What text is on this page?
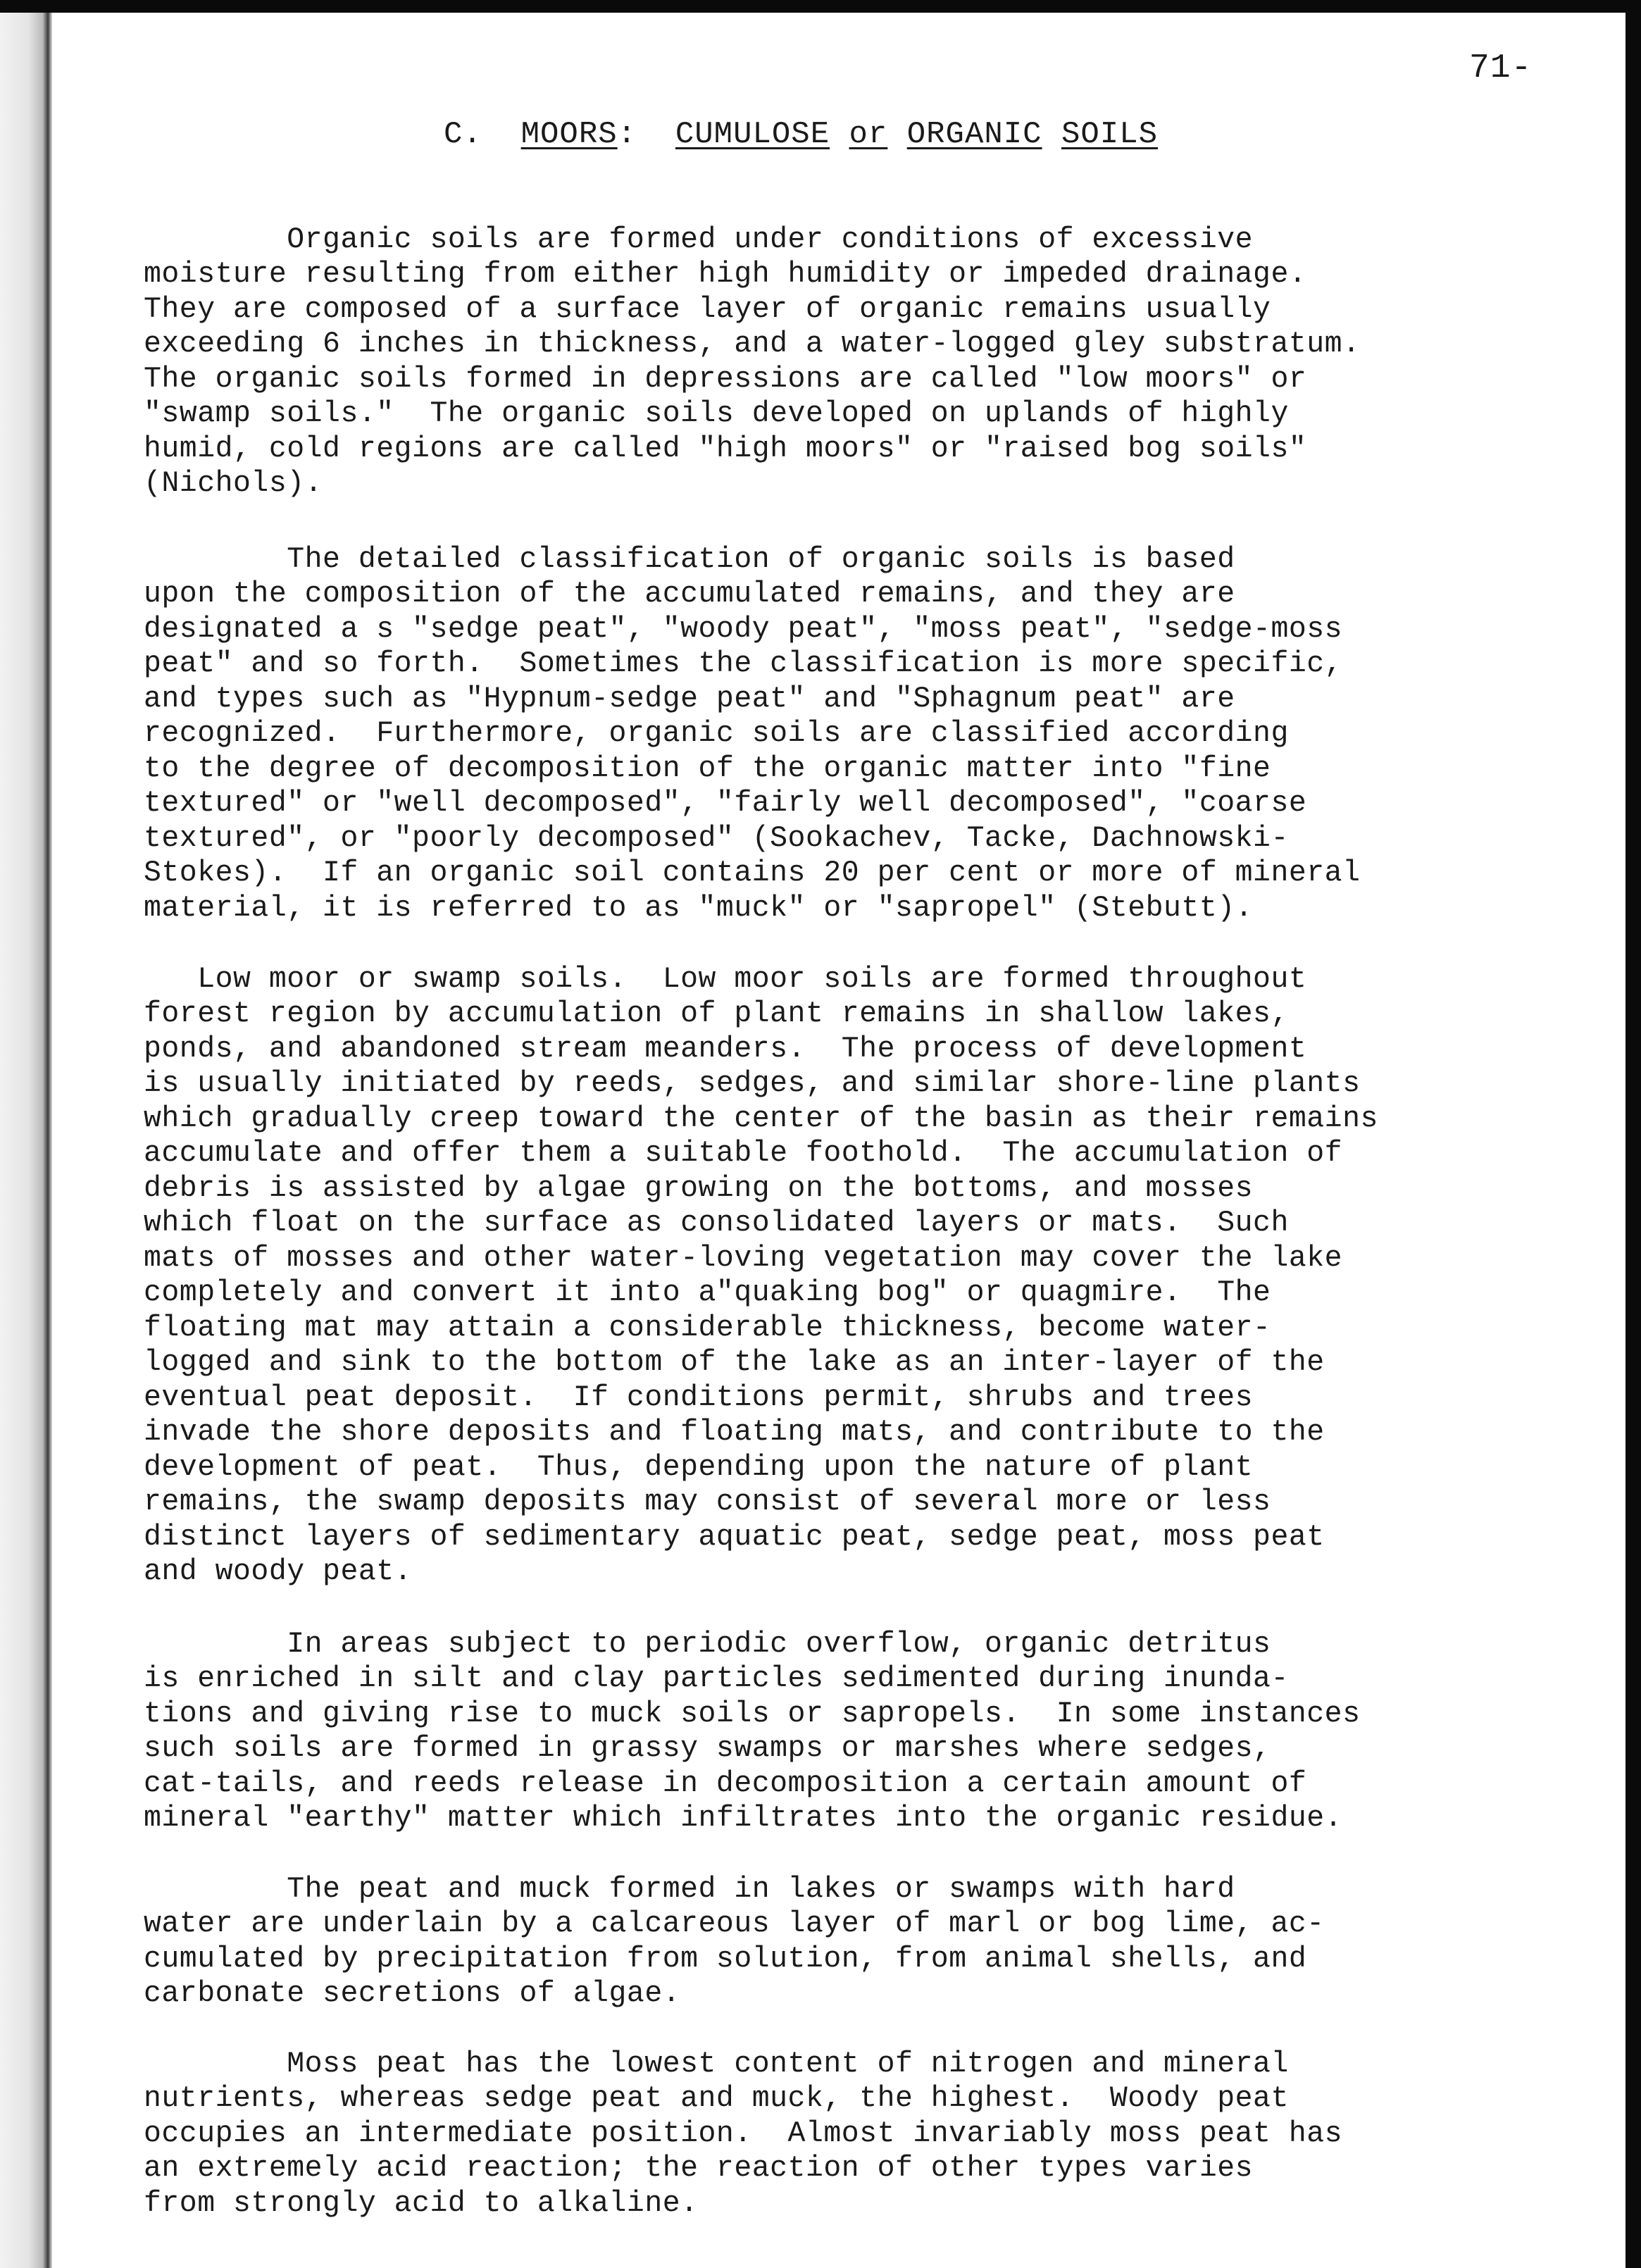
71-
C. MOORS: CUMULOSE or ORGANIC SOILS

Organic soils are formed under conditions of excessive
moisture resulting from either high humidity or impeded drainage.
They are composed of a surface layer of organic remains usually
exceeding 6 inches in thickness, and a water-logged gley substratum.
The organic soils formed in depressions are called "low moors" or
"swamp soils."  The organic soils developed on uplands of highly
humid, cold regions are called "high moors" or "raised bog soils"
(Nichols).

The detailed classification of organic soils is based
upon the composition of the accumulated remains, and they are
designated a s "sedge peat", "woody peat", "moss peat", "sedge-moss
peat" and so forth.  Sometimes the classification is more specific,
and types such as "Hypnum-sedge peat" and "Sphagnum peat" are
recognized.  Furthermore, organic soils are classified according
to the degree of decomposition of the organic matter into "fine
textured" or "well decomposed", "fairly well decomposed", "coarse
textured", or "poorly decomposed" (Sookachev, Tacke, Dachnowski-
Stokes).  If an organic soil contains 20 per cent or more of mineral
material, it is referred to as "muck" or "sapropel" (Stebutt).

Low moor or swamp soils.  Low moor soils are formed throughout
forest region by accumulation of plant remains in shallow lakes,
ponds, and abandoned stream meanders.  The process of development
is usually initiated by reeds, sedges, and similar shore-line plants
which gradually creep toward the center of the basin as their remains
accumulate and offer them a suitable foothold.  The accumulation of
debris is assisted by algae growing on the bottoms, and mosses
which float on the surface as consolidated layers or mats.  Such
mats of mosses and other water-loving vegetation may cover the lake
completely and convert it into a"quaking bog" or quagmire.  The
floating mat may attain a considerable thickness, become water-
logged and sink to the bottom of the lake as an inter-layer of the
eventual peat deposit.  If conditions permit, shrubs and trees
invade the shore deposits and floating mats, and contribute to the
development of peat.  Thus, depending upon the nature of plant
remains, the swamp deposits may consist of several more or less
distinct layers of sedimentary aquatic peat, sedge peat, moss peat
and woody peat.

In areas subject to periodic overflow, organic detritus
is enriched in silt and clay particles sedimented during inunda-
tions and giving rise to muck soils or sapropels.  In some instances
such soils are formed in grassy swamps or marshes where sedges,
cat-tails, and reeds release in decomposition a certain amount of
mineral "earthy" matter which infiltrates into the organic residue.

The peat and muck formed in lakes or swamps with hard
water are underlain by a calcareous layer of marl or bog lime, ac-
cumulated by precipitation from solution, from animal shells, and
carbonate secretions of algae.

Moss peat has the lowest content of nitrogen and mineral
nutrients, whereas sedge peat and muck, the highest.  Woody peat
occupies an intermediate position.  Almost invariably moss peat has
an extremely acid reaction; the reaction of other types varies
from strongly acid to alkaline.
